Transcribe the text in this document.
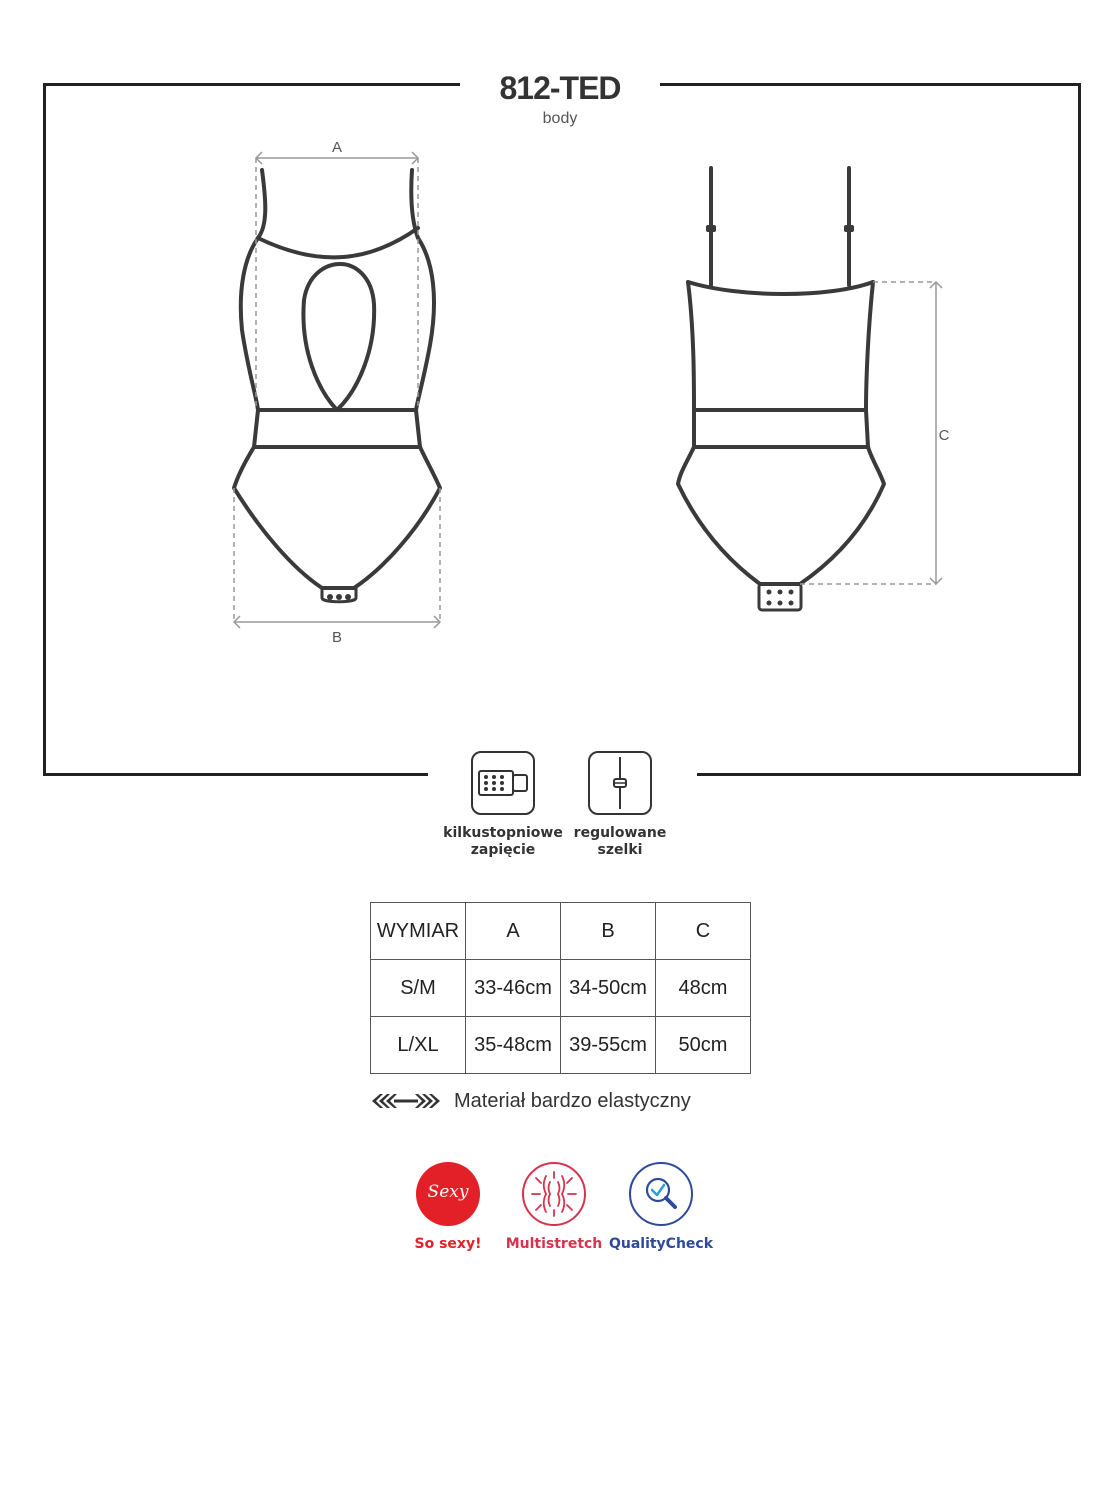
812-TED
body
A
B
C
kilkustopniowe
zapięcie
regulowane
szelki
WYMIAR	A	B	C
S/M	33-46cm	34-50cm	48cm
L/XL	35-48cm	39-55cm	50cm
Materiał bardzo elastyczny
Sexy
So sexy!	Multistretch QualityCheck
